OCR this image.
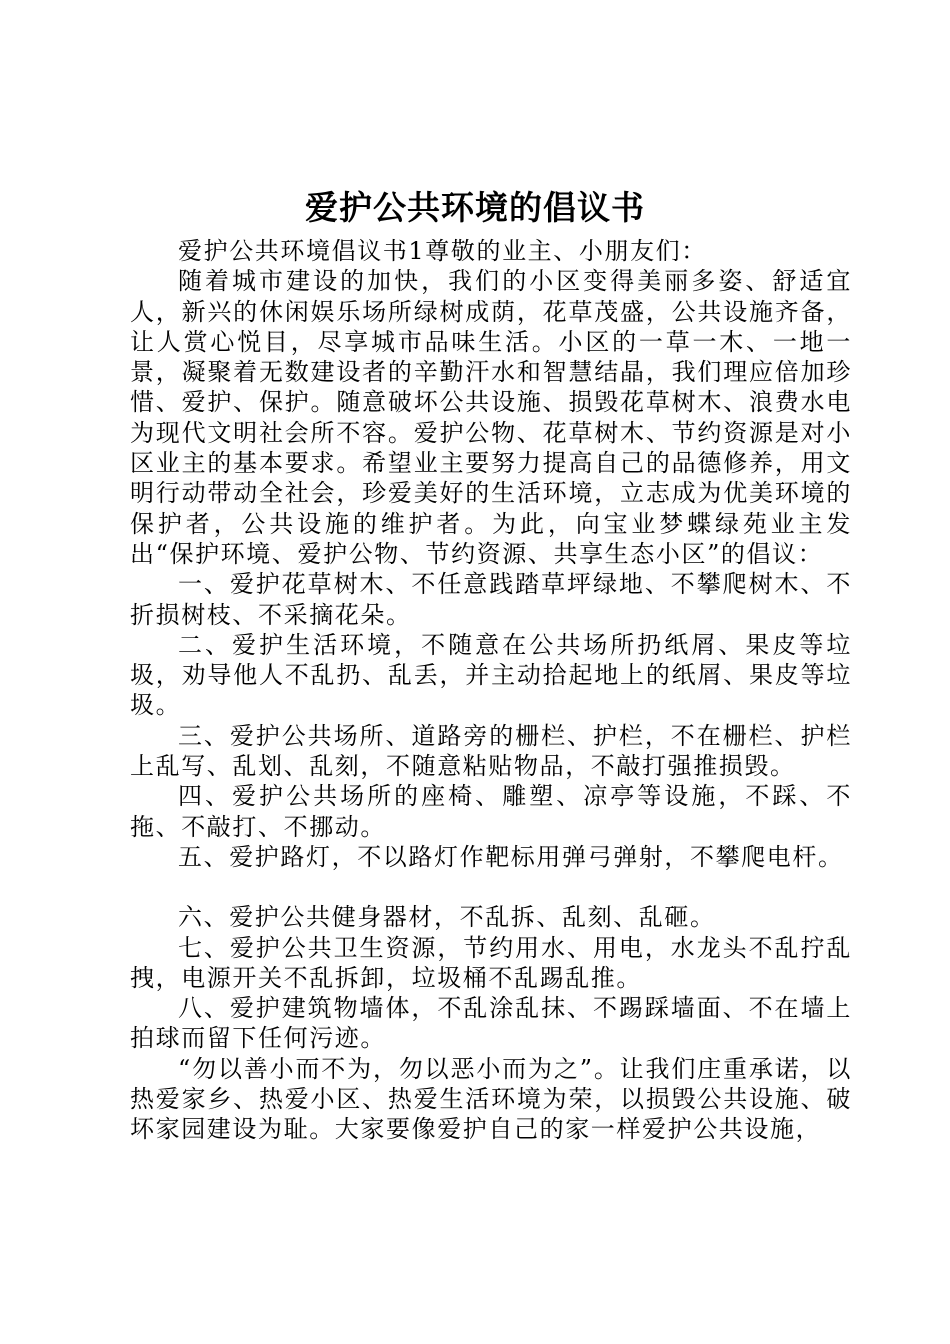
爱护公共环境的倡议书

爱护公共环境倡议书1尊敬的业主、小朋友们：

随着城市建设的加快，我们的小区变得美丽多姿、舒适宜人，新兴的休闲娱乐场所绿树成荫，花草茂盛，公共设施齐备，让人赏心悦目，尽享城市品味生活。小区的一草一木、一地一景，凝聚着无数建设者的辛勤汗水和智慧结晶，我们理应倍加珍惜、爱护、保护。随意破坏公共设施、损毁花草树木、浪费水电为现代文明社会所不容。爱护公物、花草树木、节约资源是对小区业主的基本要求。希望业主要努力提高自己的品德修养，用文明行动带动全社会，珍爱美好的生活环境，立志成为优美环境的保护者，公共设施的维护者。为此，向宝业梦蝶绿苑业主发出“保护环境、爱护公物、节约资源、共享生态小区”的倡议：

一、爱护花草树木、不任意践踏草坪绿地、不攀爬树木、不折损树枝、不采摘花朵。

二、爱护生活环境，不随意在公共场所扔纸屑、果皮等垃圾，劝导他人不乱扔、乱丢，并主动拾起地上的纸屑、果皮等垃圾。

三、爱护公共场所、道路旁的栅栏、护栏，不在栅栏、护栏上乱写、乱划、乱刻，不随意粘贴物品，不敲打强推损毁。

四、爱护公共场所的座椅、雕塑、凉亭等设施，不踩、不拖、不敲打、不挪动。

五、爱护路灯，不以路灯作靶标用弹弓弹射，不攀爬电杆。

六、爱护公共健身器材，不乱拆、乱刻、乱砸。

七、爱护公共卫生资源，节约用水、用电，水龙头不乱拧乱拽，电源开关不乱拆卸，垃圾桶不乱踢乱推。

八、爱护建筑物墙体，不乱涂乱抹、不踢踩墙面、不在墙上拍球而留下任何污迹。

“勿以善小而不为，勿以恶小而为之”。让我们庄重承诺，以热爱家乡、热爱小区、热爱生活环境为荣，以损毁公共设施、破坏家园建设为耻。大家要像爱护自己的家一样爱护公共设施，
